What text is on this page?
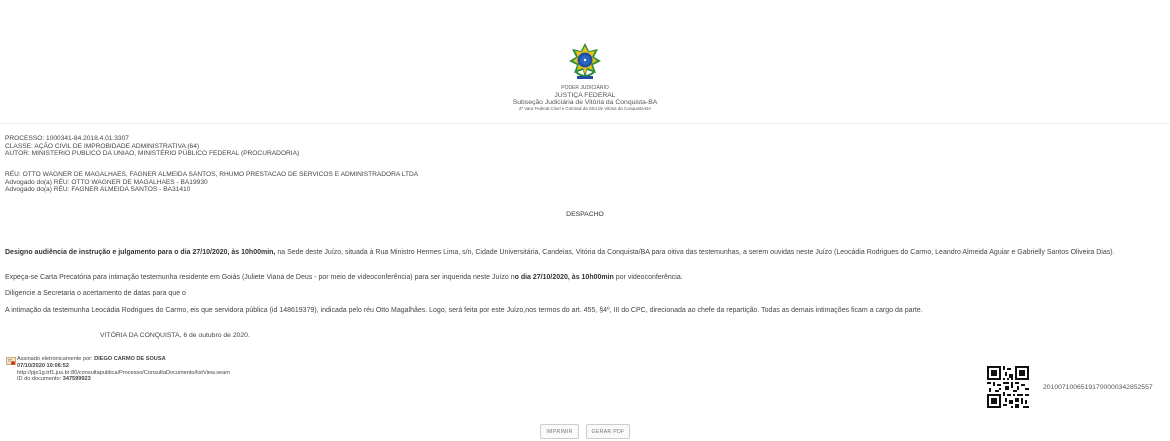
PODER JUDICIÁRIO
JUSTIÇA FEDERAL
Subseção Judiciária de Vitória da Conquista-BA
2ª Vara Federal Cível e Criminal da SSJ de Vitória da Conquista-BA
PROCESSO: 1000341-84.2018.4.01.3307
CLASSE: AÇÃO CIVIL DE IMPROBIDADE ADMINISTRATIVA (64)
AUTOR: MINISTERIO PUBLICO DA UNIAO, MINISTÉRIO PÚBLICO FEDERAL (PROCURADORIA)
RÉU: OTTO WAGNER DE MAGALHAES, FAGNER ALMEIDA SANTOS, RHUMO PRESTACAO DE SERVICOS E ADMINISTRADORA LTDA
Advogado do(a) RÉU: OTTO WAGNER DE MAGALHAES - BA19930
Advogado do(a) RÉU: FAGNER ALMEIDA SANTOS - BA31410
DESPACHO
Designo audiência de instrução e julgamento para o dia 27/10/2020, às 10h00min, na Sede deste Juízo, situada à Rua Ministro Hermes Lima, s/n, Cidade Universitária, Candeias, Vitória da Conquista/BA para oitiva das testemunhas, a serem ouvidas neste Juízo (Leocádia Rodrigues do Carmo, Leandro Almeida Aguiar e Gabrielly Santos Oliveira Dias).
Expeça-se Carta Precatória para intimação testemunha residente em Goiás (Juliete Viana de Deus - por meio de videoconferência) para ser inquerida neste Juízo no dia 27/10/2020, às 10h00min por videoconferência.
Diligencie a Secretaria o acertamento de datas para que o
A intimação da testemunha Leocádia Rodrigues do Carmo, eis que servidora pública (id 148619379), indicada pelo réu Otto Magalhães. Logo, será feita por este Juízo,nos termos do art. 455, §4º, III do CPC, direcionada ao chefe da repartição. Todas as demais intimações ficam a cargo da parte.
VITÓRIA DA CONQUISTA, 6 de outubro de 2020.
Assinado eletronicamente por: DIEGO CARMO DE SOUSA
07/10/2020 10:06:52
http://pje1g.trf1.jus.br:80/consultapublica/Processo/ConsultaDocumento/listView.seam
ID do documento: 347599923
20100710065191700000342852557
IMPRIMIR	GERAR PDF
